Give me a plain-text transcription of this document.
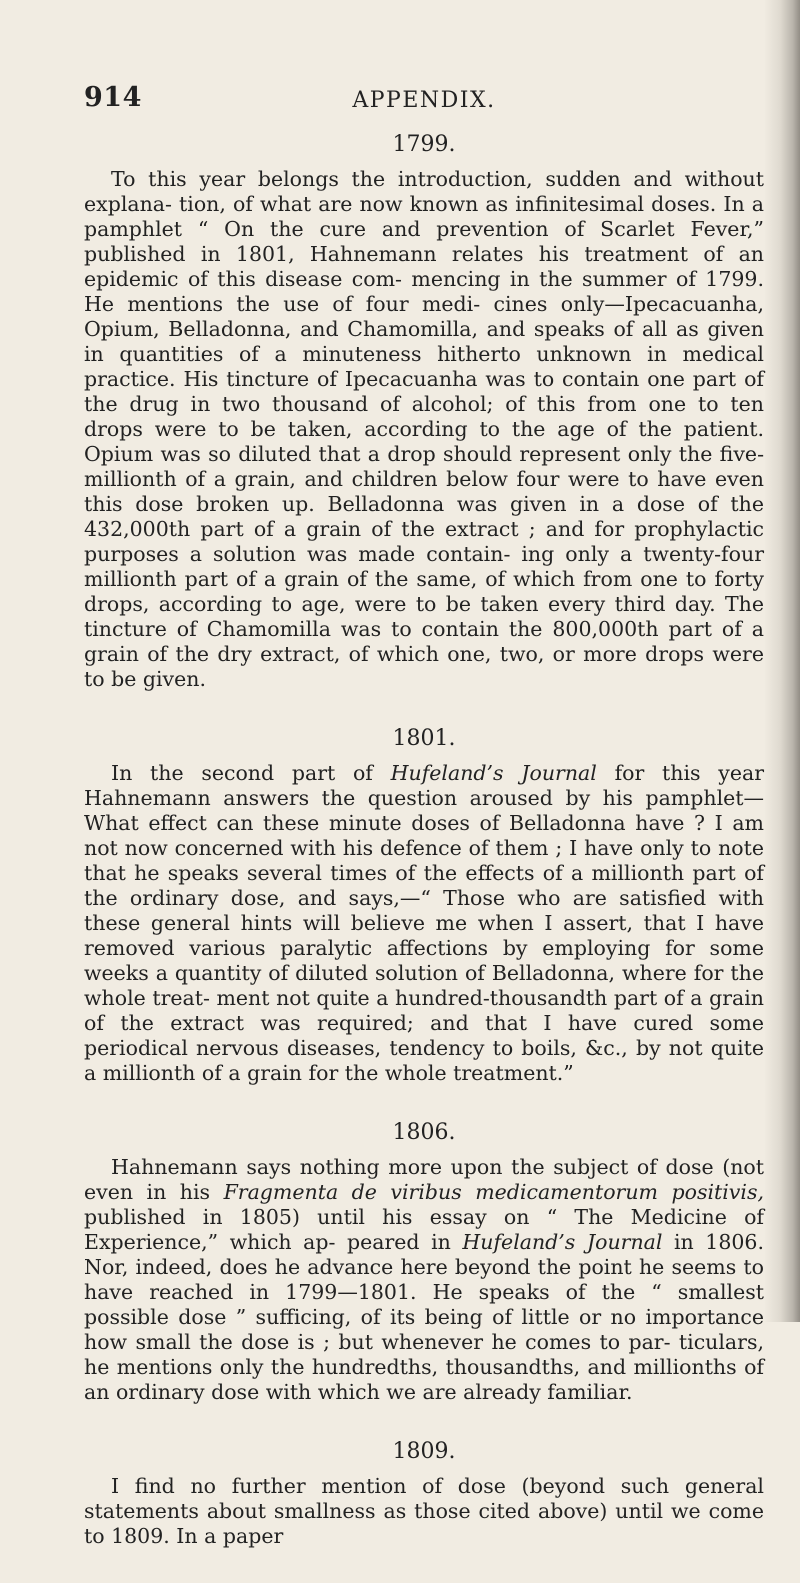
914	APPENDIX.
1799.

To this year belongs the introduction, sudden and without explana- tion, of what are now known as infinitesimal doses. In a pamphlet “ On the cure and prevention of Scarlet Fever,” published in 1801, Hahnemann relates his treatment of an epidemic of this disease com- mencing in the summer of 1799. He mentions the use of four medi- cines only—Ipecacuanha, Opium, Belladonna, and Chamomilla, and speaks of all as given in quantities of a minuteness hitherto unknown in medical practice. His tincture of Ipecacuanha was to contain one part of the drug in two thousand of alcohol; of this from one to ten drops were to be taken, according to the age of the patient. Opium was so diluted that a drop should represent only the five-millionth of a grain, and children below four were to have even this dose broken up. Belladonna was given in a dose of the 432,000th part of a grain of the extract ; and for prophylactic purposes a solution was made contain- ing only a twenty-four millionth part of a grain of the same, of which from one to forty drops, according to age, were to be taken every third day. The tincture of Chamomilla was to contain the 800,000th part of a grain of the dry extract, of which one, two, or more drops were to be given.

1801.

In the second part of Hufeland’s Journal for this year Hahnemann answers the question aroused by his pamphlet—What effect can these minute doses of Belladonna have ? I am not now concerned with his defence of them ; I have only to note that he speaks several times of the effects of a millionth part of the ordinary dose, and says,—“ Those who are satisfied with these general hints will believe me when I assert, that I have removed various paralytic affections by employing for some weeks a quantity of diluted solution of Belladonna, where for the whole treat- ment not quite a hundred-thousandth part of a grain of the extract was required; and that I have cured some periodical nervous diseases, tendency to boils, &c., by not quite a millionth of a grain for the whole treatment.”

1806.

Hahnemann says nothing more upon the subject of dose (not even in his Fragmenta de viribus medicamentorum positivis, published in 1805) until his essay on “ The Medicine of Experience,” which ap- peared in Hufeland’s Journal in 1806. Nor, indeed, does he advance here beyond the point he seems to have reached in 1799—1801. He speaks of the “ smallest possible dose ” sufficing, of its being of little or no importance how small the dose is ; but whenever he comes to par- ticulars, he mentions only the hundredths, thousandths, and millionths of an ordinary dose with which we are already familiar.

1809.

I find no further mention of dose (beyond such general statements about smallness as those cited above) until we come to 1809. In a paper
